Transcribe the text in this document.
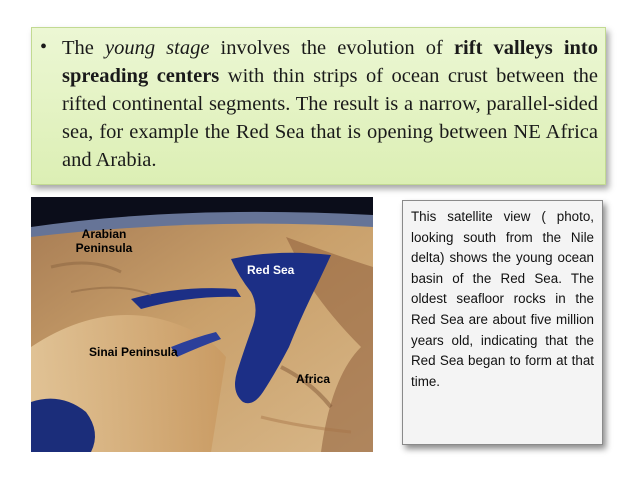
• The young stage involves the evolution of rift valleys into spreading centers with thin strips of ocean crust between the rifted continental segments. The result is a narrow, parallel-sided sea, for example the Red Sea that is opening between NE Africa and Arabia.
Arabian
Peninsula
Red Sea
Sinai Peninsula
Africa
This satellite view ( photo, looking south from the Nile delta) shows the young ocean basin of the Red Sea. The oldest seafloor rocks in the Red Sea are about five million years old, indicating that the Red Sea began to form at that time.
